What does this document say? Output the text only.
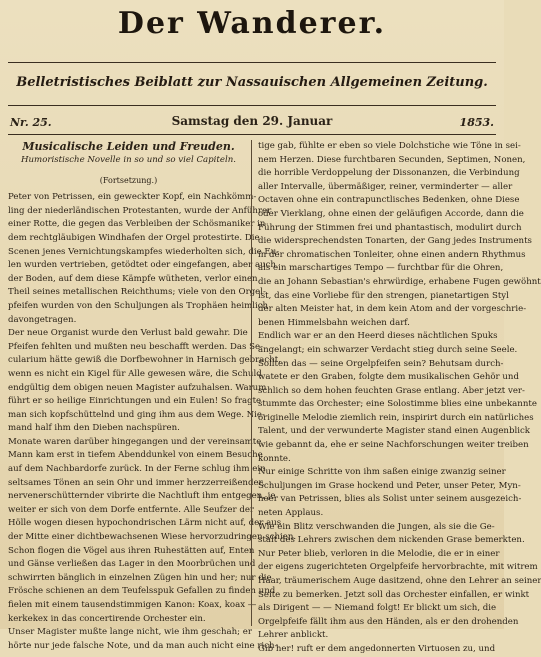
Der Wanderer.
Belletristisches Beiblatt zur Nassauischen Allgemeinen Zeitung.
Nr. 25.	Samstag den 29. Januar	1853.

Musicalische Leiden und Freuden.

Humoristische Novelle in so und so viel Capiteln.

(Fortsetzung.)

Peter von Petrissen, ein geweckter Kopf, ein Nachkömm-

ling der niederländischen Protestanten, wurde der Anführer

einer Rotte, die gegen das Verbleiben der Schösmaniker in

dem rechtgläubigen Windhafen der Orgel protestirte. Die

Scenen jenes Vernichtungskampfes wiederholten sich, die Eu-

len wurden vertrieben, getödtet oder eingefangen, aber auch

der Boden, auf dem diese Kämpfe wütheten, verlor einen

Theil seines metallischen Reichthums; viele von den Orgel-

pfeifen wurden von den Schuljungen als Trophäen heimlich

davongetragen.

Der neue Organist wurde den Verlust bald gewahr. Die

Pfeifen fehlten und mußten neu beschafft werden. Das Se-

cularium hätte gewiß die Dorfbewohner in Harnisch gebracht,

wenn es nicht ein Kigel für Alle gewesen wäre, die Schuld

endgültig dem obigen neuen Magister aufzuhalsen. Warum

führt er so heilige Einrichtungen und ein Eulen! So fragte

man sich kopfschüttelnd und ging ihm aus dem Wege. Nie-

mand half ihm den Dieben nachspüren.

Monate waren darüber hingegangen und der vereinsamte

Mann kam erst in tiefem Abenddunkel von einem Besuche

auf dem Nachbardorfe zurück. In der Ferne schlug ihm ein

seltsames Tönen an sein Ohr und immer herzzerreißender,

nervenerschütternder vibrirte die Nachtluft ihm entgegen, je

weiter er sich von dem Dorfe entfernte. Alle Seufzer der

Hölle wogen diesen hypochondrischen Lärm nicht auf, der aus

der Mitte einer dichtbewachsenen Wiese hervorzudringen schien.

Schon flogen die Vögel aus ihren Ruhestätten auf, Enten

und Gänse verließen das Lager in den Moorbrüchen und

schwirrten bänglich in einzelnen Zügen hin und her; nur die

Frösche schienen an dem Teufelsspuk Gefallen zu finden und

fielen mit einem tausendstimmigen Kanon: Koax, koax —

kerkekex in das concertirende Orchester ein.

Unser Magister mußte lange nicht, wie ihm geschah; er

hörte nur jede falsche Note, und da man auch nicht eine rich-

tige gab, fühlte er eben so viele Dolchstiche wie Töne in sei-

nem Herzen. Diese furchtbaren Secunden, Septimen, Nonen,

die horrible Verdoppelung der Dissonanzen, die Verbindung

aller Intervalle, übermäßiger, reiner, verminderter — aller

Octaven ohne ein contrapunctlisches Bedenken, ohne Diese

oder Vierklang, ohne einen der geläufigen Accorde, dann die

Führung der Stimmen frei und phantastisch, modulirt durch

die widersprechendsten Tonarten, der Gang jedes Instruments

in der chromatischen Tonleiter, ohne einen andern Rhythmus

als ein marschartiges Tempo — furchtbar für die Ohren,

die an Johann Sebastian's ehrwürdige, erhabene Fugen gewöhnt

ist, das eine Vorliebe für den strengen, pianetartigen Styl

der alten Meister hat, in dem kein Atom and der vorgeschrie-

benen Himmelsbahn weichen darf.

Endlich war er an den Heerd dieses nächtlichen Spuks

angelangt; ein schwarzer Verdacht stieg durch seine Seele.

Sollten das — seine Orgelpfeifen sein? Behutsam durch-

watete er den Graben, folgte dem musikalischen Gehör und

schlich so dem hohen feuchten Grase entlang. Aber jetzt ver-

stummte das Orchester; eine Solostimme blies eine unbekannte

originelle Melodie ziemlich rein, inspirirt durch ein natürliches

Talent, und der verwunderte Magister stand einen Augenblick

wie gebannt da, ehe er seine Nachforschungen weiter treiben

konnte.

Nur einige Schritte von ihm saßen einige zwanzig seiner

Schuljungen im Grase hockend und Peter, unser Peter, Myn-

heer van Petrissen, blies als Solist unter seinem ausgezeich-

neten Applaus.

Wie ein Blitz verschwanden die Jungen, als sie die Ge-

stalt des Lehrers zwischen dem nickenden Grase bemerkten.

Nur Peter blieb, verloren in die Melodie, die er in einer

der eigens zugerichteten Orgelpfeife hervorbrachte, mit witrem

Haar, träumerischem Auge dasitzend, ohne den Lehrer an seiner

Seite zu bemerken. Jetzt soll das Orchester einfallen, er winkt

als Dirigent — — Niemand folgt! Er blickt um sich, die

Orgelpfeife fällt ihm aus den Händen, als er den drohenden

Lehrer anblickt.

Gib her! ruft er dem angedonnerten Virtuosen zu, und
